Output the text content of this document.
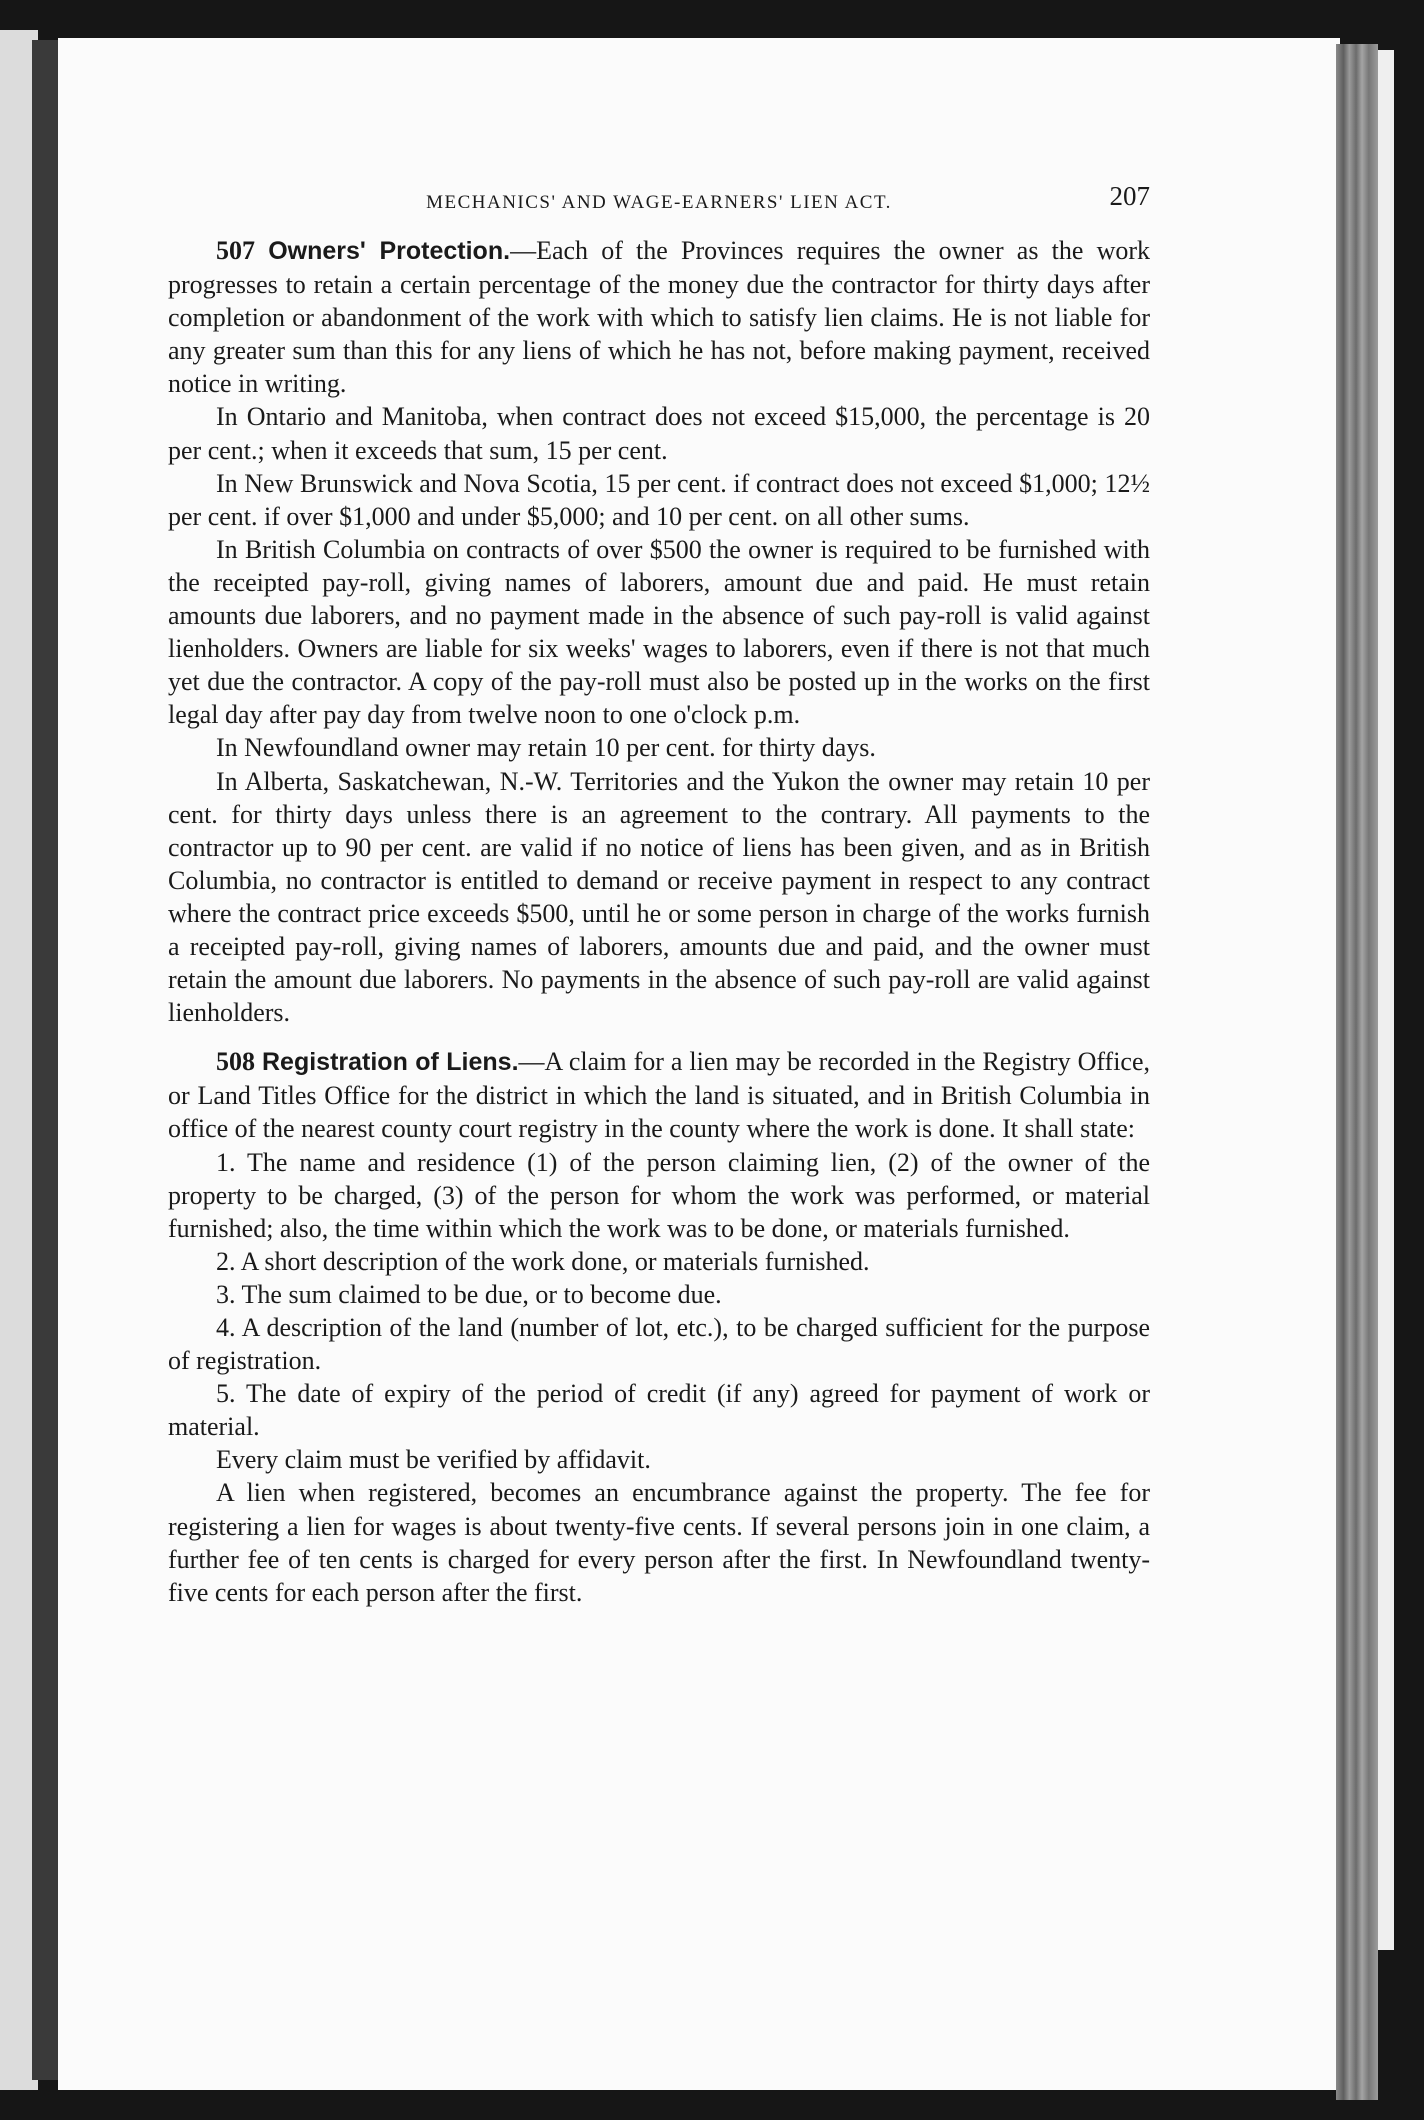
MECHANICS' AND WAGE-EARNERS' LIEN ACT.	207

507 Owners' Protection.—Each of the Provinces requires the owner as the work progresses to retain a certain percentage of the money due the contractor for thirty days after completion or abandonment of the work with which to satisfy lien claims. He is not liable for any greater sum than this for any liens of which he has not, before making payment, received notice in writing.

In Ontario and Manitoba, when contract does not exceed $15,000, the percentage is 20 per cent.; when it exceeds that sum, 15 per cent.

In New Brunswick and Nova Scotia, 15 per cent. if contract does not exceed $1,000; 12½ per cent. if over $1,000 and under $5,000; and 10 per cent. on all other sums.

In British Columbia on contracts of over $500 the owner is required to be furnished with the receipted pay-roll, giving names of laborers, amount due and paid. He must retain amounts due laborers, and no payment made in the absence of such pay-roll is valid against lienholders. Owners are liable for six weeks' wages to laborers, even if there is not that much yet due the contractor. A copy of the pay-roll must also be posted up in the works on the first legal day after pay day from twelve noon to one o'clock p.m.

In Newfoundland owner may retain 10 per cent. for thirty days.

In Alberta, Saskatchewan, N.-W. Territories and the Yukon the owner may retain 10 per cent. for thirty days unless there is an agreement to the contrary. All payments to the contractor up to 90 per cent. are valid if no notice of liens has been given, and as in British Columbia, no contractor is entitled to demand or receive payment in respect to any contract where the contract price exceeds $500, until he or some person in charge of the works furnish a receipted pay-roll, giving names of laborers, amounts due and paid, and the owner must retain the amount due laborers. No payments in the absence of such pay-roll are valid against lienholders.

508 Registration of Liens.—A claim for a lien may be recorded in the Registry Office, or Land Titles Office for the district in which the land is situated, and in British Columbia in office of the nearest county court registry in the county where the work is done. It shall state:

1. The name and residence (1) of the person claiming lien, (2) of the owner of the property to be charged, (3) of the person for whom the work was performed, or material furnished; also, the time within which the work was to be done, or materials furnished.

2. A short description of the work done, or materials furnished.

3. The sum claimed to be due, or to become due.

4. A description of the land (number of lot, etc.), to be charged sufficient for the purpose of registration.

5. The date of expiry of the period of credit (if any) agreed for payment of work or material.

Every claim must be verified by affidavit.

A lien when registered, becomes an encumbrance against the property. The fee for registering a lien for wages is about twenty-five cents. If several persons join in one claim, a further fee of ten cents is charged for every person after the first. In Newfoundland twenty-five cents for each person after the first.
